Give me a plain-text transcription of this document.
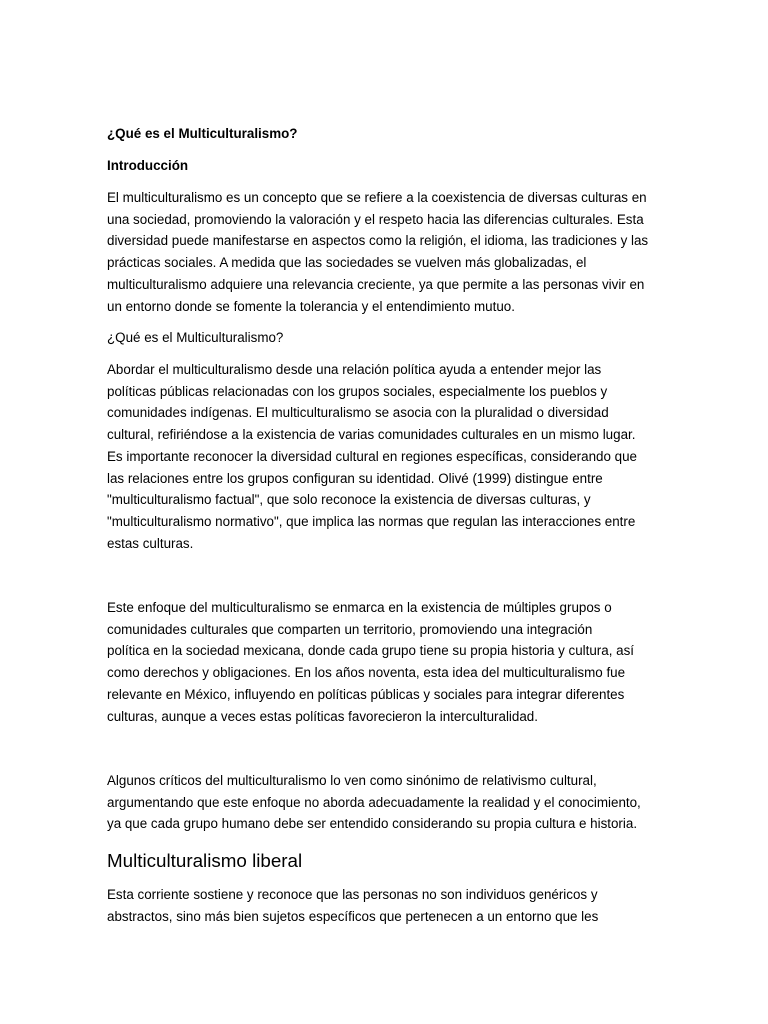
¿Qué es el Multiculturalismo?
Introducción
El multiculturalismo es un concepto que se refiere a la coexistencia de diversas culturas en
una sociedad, promoviendo la valoración y el respeto hacia las diferencias culturales. Esta
diversidad puede manifestarse en aspectos como la religión, el idioma, las tradiciones y las
prácticas sociales. A medida que las sociedades se vuelven más globalizadas, el
multiculturalismo adquiere una relevancia creciente, ya que permite a las personas vivir en
un entorno donde se fomente la tolerancia y el entendimiento mutuo.
¿Qué es el Multiculturalismo?
Abordar el multiculturalismo desde una relación política ayuda a entender mejor las
políticas públicas relacionadas con los grupos sociales, especialmente los pueblos y
comunidades indígenas. El multiculturalismo se asocia con la pluralidad o diversidad
cultural, refiriéndose a la existencia de varias comunidades culturales en un mismo lugar.
Es importante reconocer la diversidad cultural en regiones específicas, considerando que
las relaciones entre los grupos configuran su identidad. Olivé (1999) distingue entre
"multiculturalismo factual", que solo reconoce la existencia de diversas culturas, y
"multiculturalismo normativo", que implica las normas que regulan las interacciones entre
estas culturas.
Este enfoque del multiculturalismo se enmarca en la existencia de múltiples grupos o
comunidades culturales que comparten un territorio, promoviendo una integración
política en la sociedad mexicana, donde cada grupo tiene su propia historia y cultura, así
como derechos y obligaciones. En los años noventa, esta idea del multiculturalismo fue
relevante en México, influyendo en políticas públicas y sociales para integrar diferentes
culturas, aunque a veces estas políticas favorecieron la interculturalidad.
Algunos críticos del multiculturalismo lo ven como sinónimo de relativismo cultural,
argumentando que este enfoque no aborda adecuadamente la realidad y el conocimiento,
ya que cada grupo humano debe ser entendido considerando su propia cultura e historia.
Multiculturalismo liberal
Esta corriente sostiene y reconoce que las personas no son individuos genéricos y
abstractos, sino más bien sujetos específicos que pertenecen a un entorno que les
